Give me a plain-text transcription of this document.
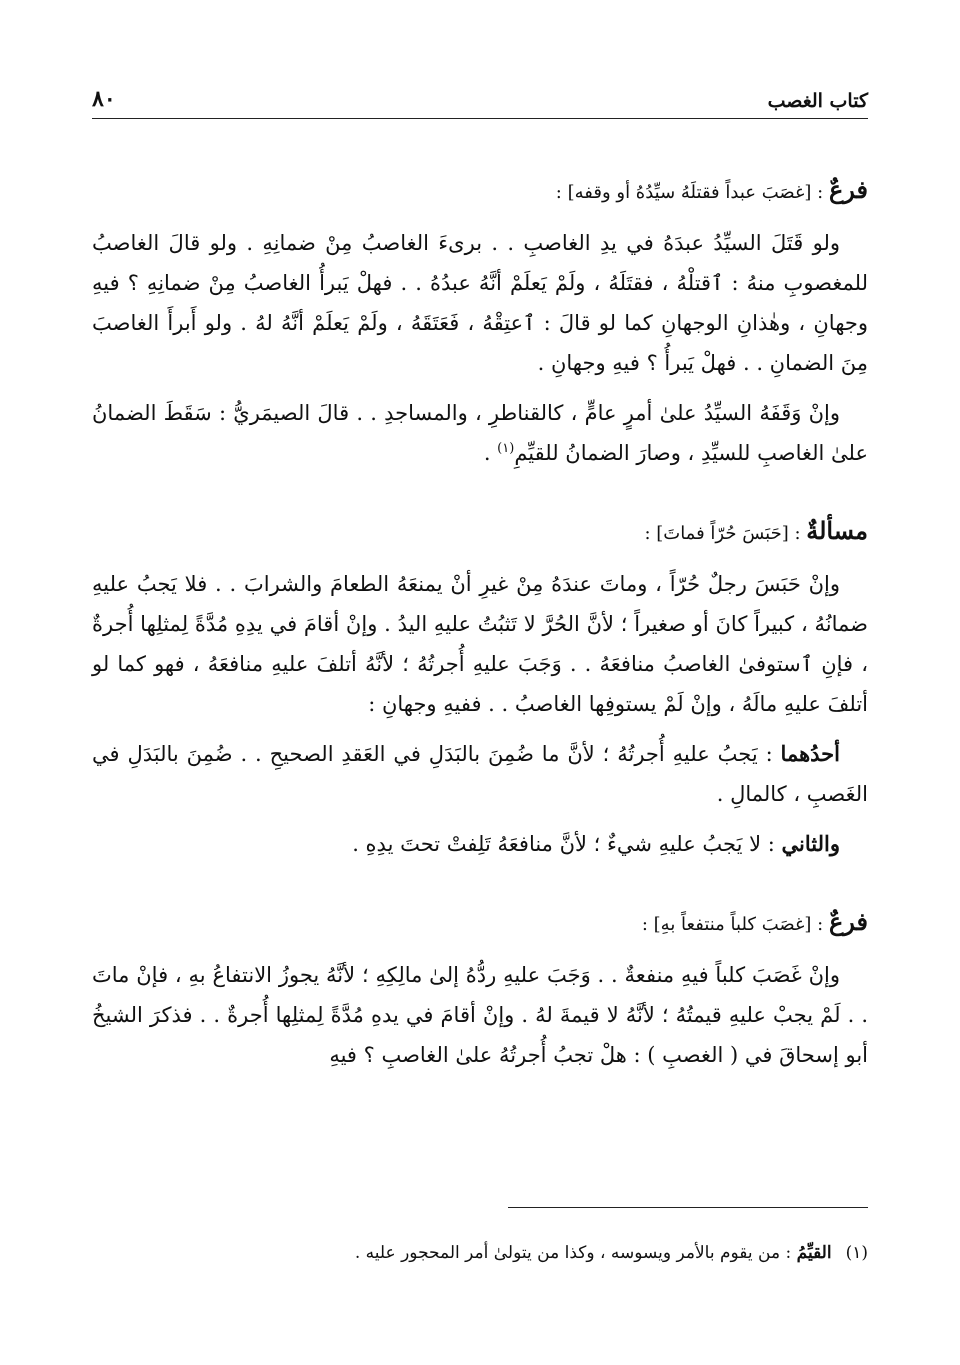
كتاب الغصب
٨٠
فرعٌ : [غصَبَ عبداً فقتلَهُ سيِّدُهُ أو وقفه] :

ولو قَتَلَ السيِّدُ عبدَهُ في يدِ الغاصبِ . . برىءَ الغاصبُ مِنْ ضمانِهِ . ولو قالَ الغاصبُ للمغصوبِ منهُ : ٱقتلْهُ ، فقتَلَهُ ، ولَمْ يَعلَمْ أنَّهُ عبدُهُ . . فهلْ يَبرأُ الغاصبُ مِنْ ضمانِهِ ؟ فيهِ وجهانِ ، وهٰذانِ الوجهانِ كما لو قالَ : ٱعتِقْهُ ، فَعَتَقَهُ ، ولَمْ يَعلَمْ أنَّهُ لهُ . ولو أَبرأَ الغاصبَ مِنَ الضمانِ . . فهلْ يَبرأُ ؟ فيهِ وجهانِ .

وإنْ وَقَفَهُ السيِّدُ علىٰ أمرٍ عامٍّ ، كالقناطرِ ، والمساجدِ . . قالَ الصيمَريُّ : سَقَطَ الضمانُ علىٰ الغاصبِ للسيِّدِ ، وصارَ الضمانُ للقيِّمِ$^{(١)}$ .

مسألةٌ : [حَبَسَ حُرّاً فماتَ] :

وإنْ حَبَسَ رجلٌ حُرّاً ، وماتَ عندَهُ مِنْ غيرِ أنْ يمنعَهُ الطعامَ والشرابَ . . فلا يَجبُ عليهِ ضمانُهُ ، كبيراً كانَ أو صغيراً ؛ لأنَّ الحُرَّ لا تَثبُتُ عليهِ اليدُ . وإنْ أقامَ في يدِهِ مُدَّةً لِمثلِها أُجرةٌ ، فإنِ ٱستوفىٰ الغاصبُ منافعَهُ . . وَجَبَ عليهِ أُجرتُهُ ؛ لأنَّهُ أتلفَ عليهِ منافعَهُ ، فهو كما لو أتلفَ عليهِ مالَهُ ، وإنْ لَمْ يستوفِها الغاصبُ . . ففيهِ وجهانِ :

أحدُهما : يَجبُ عليهِ أُجرتُهُ ؛ لأنَّ ما ضُمِنَ بالبَدَلِ في العَقدِ الصحيحِ . . ضُمِنَ بالبَدَلِ في الغَصبِ ، كالمالِ .

والثاني : لا يَجبُ عليهِ شيءٌ ؛ لأنَّ منافعَهُ تَلِفتْ تحتَ يدِهِ .

فرعٌ : [غصَبَ كلباً منتفعاً بهِ] :

وإنْ غَصَبَ كلباً فيهِ منفعةٌ . . وَجَبَ عليهِ ردُّهُ إلىٰ مالِكِهِ ؛ لأنَّهُ يجوزُ الانتفاعُ بهِ ، فإنْ ماتَ . . لَمْ يجبْ عليهِ قيمتُهُ ؛ لأنَّهُ لا قيمةَ لهُ . وإنْ أقامَ في يدهِ مُدَّةً لِمثلِها أُجرةٌ . . فذكرَ الشيخُ أبو إسحاقَ في ( الغصبِ ) : هلْ تجبُ أُجرتُهُ علىٰ الغاصبِ ؟ فيهِ

(١)القيِّمُ : من يقوم بالأمر ويسوسه ، وكذا من يتولىٰ أمر المحجور عليه .
